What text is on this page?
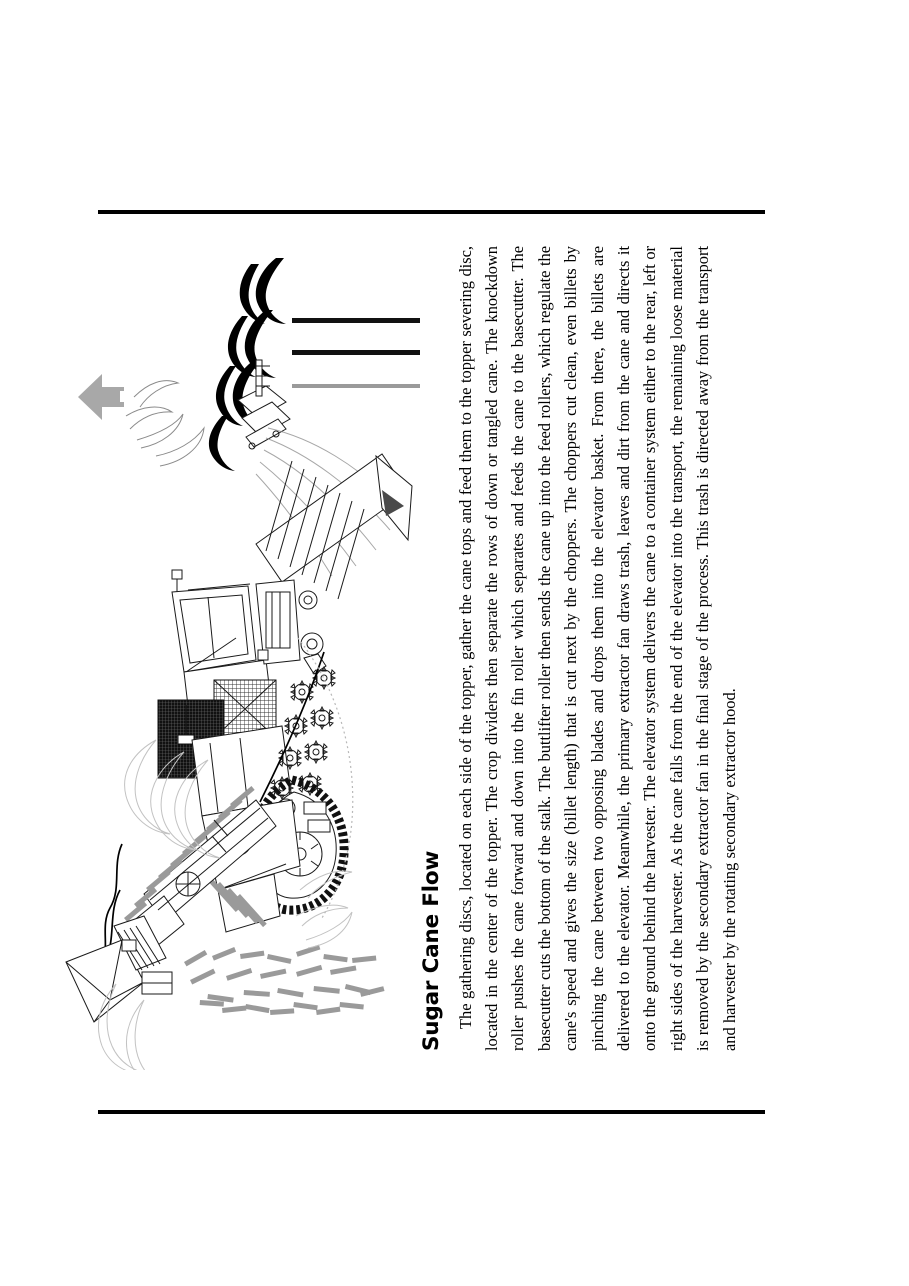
Sugar Cane Flow The gathering discs, located on each side of the topper, gather the cane tops and feed them to the topper severing disc, located in the center of the topper. The crop dividers then separate the rows of down or tangled cane. The knockdown roller pushes the cane forward and down into the fin roller which separates and feeds the cane to the basecutter. The basecutter cuts the bottom of the stalk. The buttlifter roller then sends the cane up into the feed rollers, which regulate the cane's speed and gives the size (billet length) that is cut next by the choppers. The choppers cut clean, even billets by pinching the cane between two opposing blades and drops them into the elevator basket. From there, the billets are delivered to the elevator. Meanwhile, the primary extractor fan draws trash, leaves and dirt from the cane and directs it onto the ground behind the harvester. The elevator system delivers the cane to a container system either to the rear, left or right sides of the harvester. As the cane falls from the end of the elevator into the transport, the remaining loose material is removed by the secondary extractor fan in the final stage of the process. This trash is directed away from the transport and harvester by the rotating secondary extractor hood.
